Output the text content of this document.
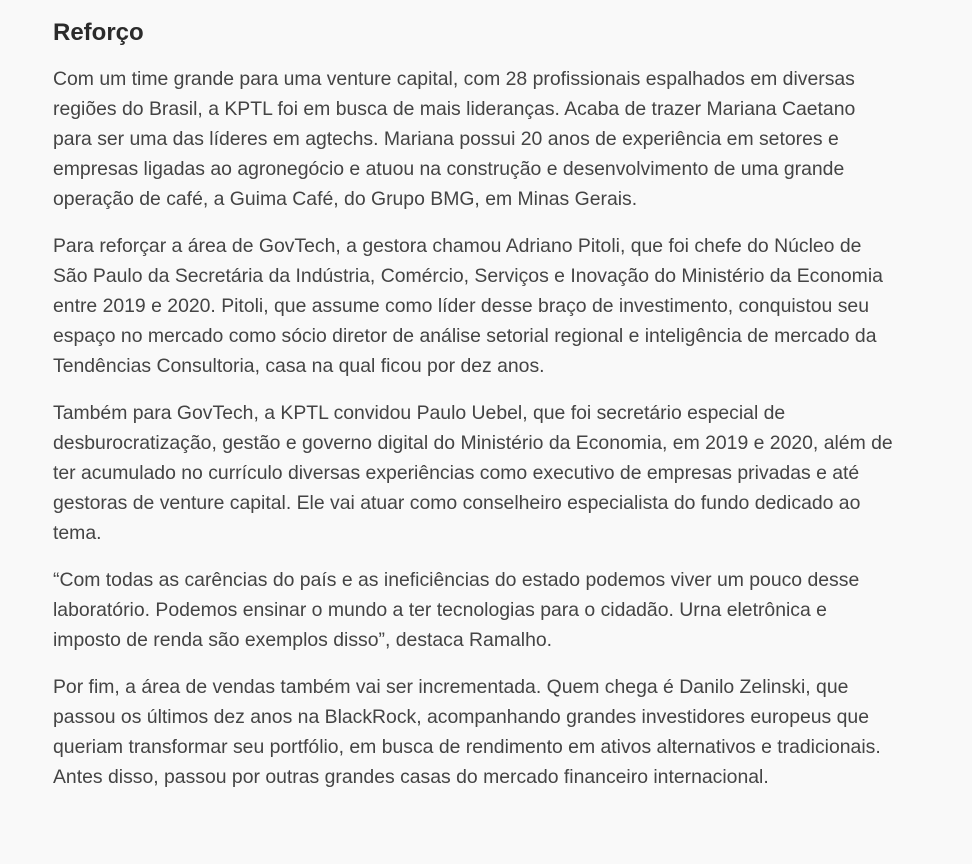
Reforço

Com um time grande para uma venture capital, com 28 profissionais espalhados em diversas regiões do Brasil, a KPTL foi em busca de mais lideranças. Acaba de trazer Mariana Caetano para ser uma das líderes em agtechs. Mariana possui 20 anos de experiência em setores e empresas ligadas ao agronegócio e atuou na construção e desenvolvimento de uma grande operação de café, a Guima Café, do Grupo BMG, em Minas Gerais.

Para reforçar a área de GovTech, a gestora chamou Adriano Pitoli, que foi chefe do Núcleo de São Paulo da Secretária da Indústria, Comércio, Serviços e Inovação do Ministério da Economia entre 2019 e 2020. Pitoli, que assume como líder desse braço de investimento, conquistou seu espaço no mercado como sócio diretor de análise setorial regional e inteligência de mercado da Tendências Consultoria, casa na qual ficou por dez anos.

Também para GovTech, a KPTL convidou Paulo Uebel, que foi secretário especial de desburocratização, gestão e governo digital do Ministério da Economia, em 2019 e 2020, além de ter acumulado no currículo diversas experiências como executivo de empresas privadas e até gestoras de venture capital. Ele vai atuar como conselheiro especialista do fundo dedicado ao tema.

“Com todas as carências do país e as ineficiências do estado podemos viver um pouco desse laboratório. Podemos ensinar o mundo a ter tecnologias para o cidadão. Urna eletrônica e imposto de renda são exemplos disso”, destaca Ramalho.

Por fim, a área de vendas também vai ser incrementada. Quem chega é Danilo Zelinski, que passou os últimos dez anos na BlackRock, acompanhando grandes investidores europeus que queriam transformar seu portfólio, em busca de rendimento em ativos alternativos e tradicionais. Antes disso, passou por outras grandes casas do mercado financeiro internacional.
